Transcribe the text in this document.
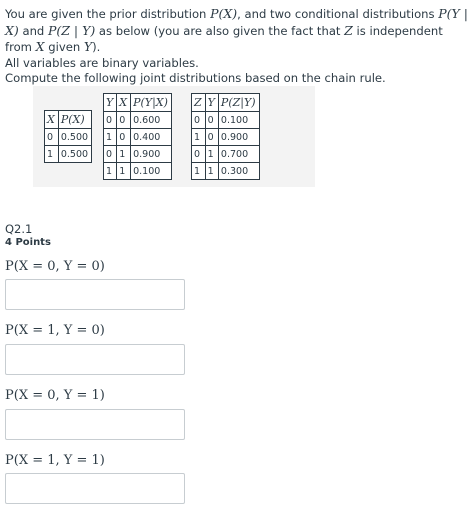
You are given the prior distribution P(X), and two conditional distributions P(Y | X) and P(Z | Y) as below (you are also given the fact that Z is independent from X given Y).

All variables are binary variables.

Compute the following joint distributions based on the chain rule.

X	P(X)
0	0.500
1	0.500
Y	X	P(Y|X)
0	0	0.600
1	0	0.400
0	1	0.900
1	1	0.100
Z	Y	P(Z|Y)
0	0	0.100
1	0	0.900
0	1	0.700
1	1	0.300
Q2.1
4 Points
P(X = 0, Y = 0)
P(X = 1, Y = 0)
P(X = 0, Y = 1)
P(X = 1, Y = 1)
